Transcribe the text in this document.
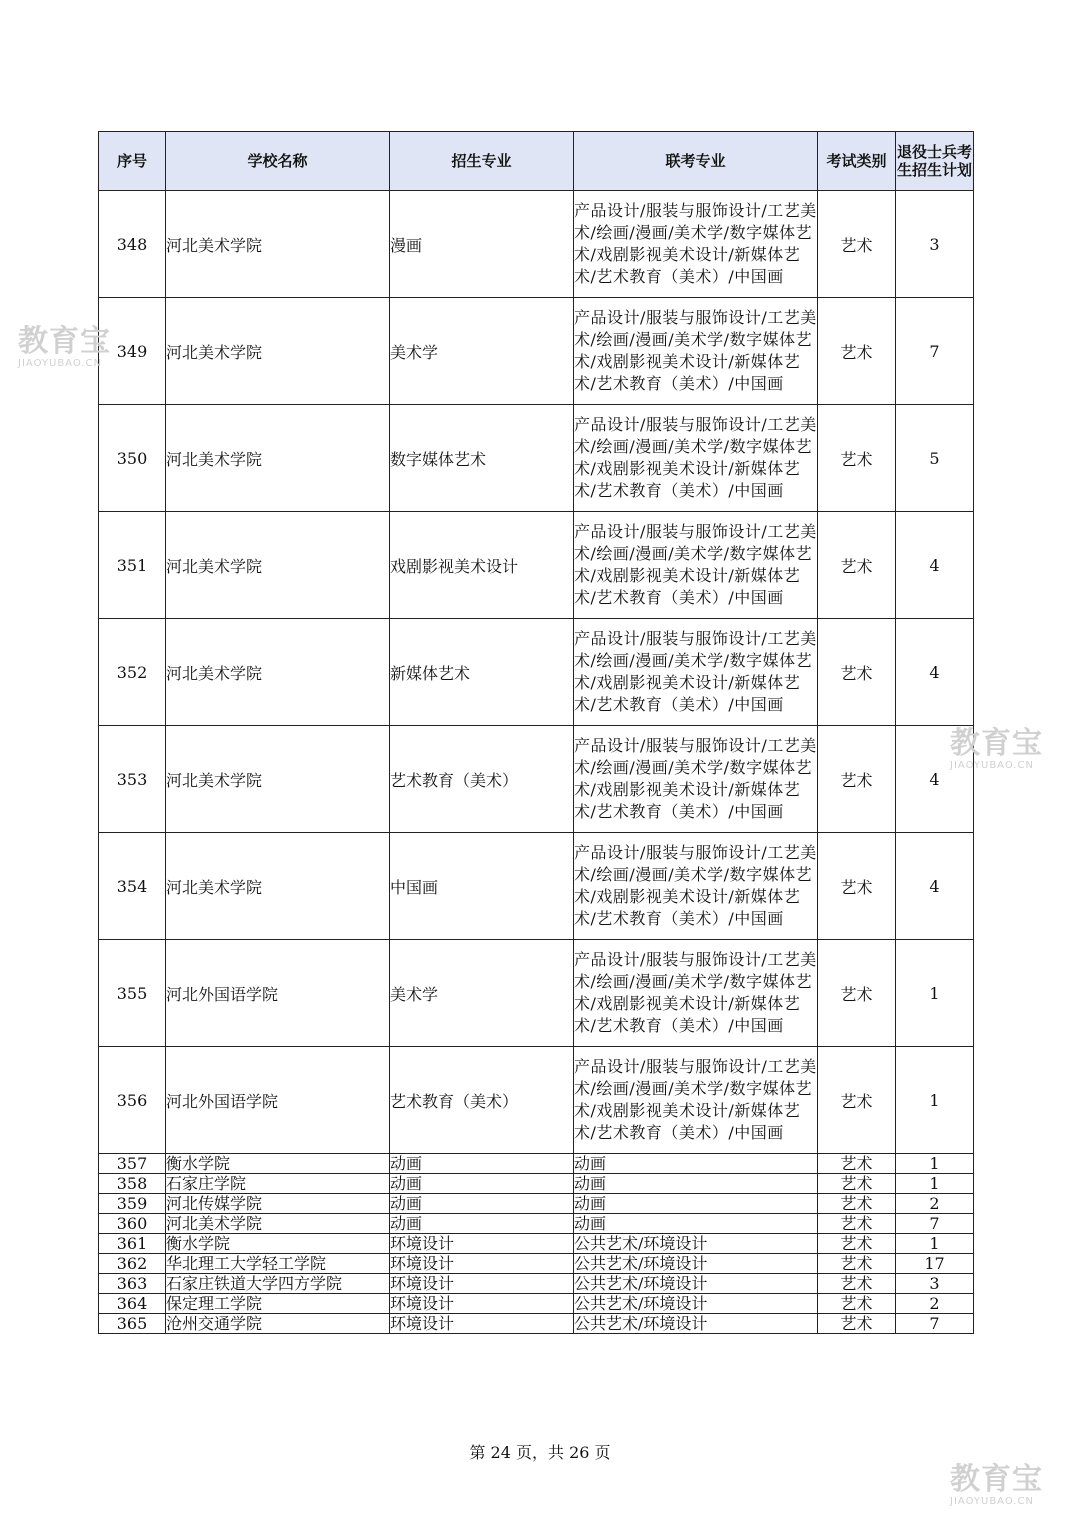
序号	学校名称	招生专业	联考专业	考试类别	退役士兵考生招生计划
348	河北美术学院	漫画	产品设计/服装与服饰设计/工艺美术/绘画/漫画/美术学/数字媒体艺术/戏剧影视美术设计/新媒体艺术/艺术教育（美术）/中国画	艺术	3
349	河北美术学院	美术学	产品设计/服装与服饰设计/工艺美术/绘画/漫画/美术学/数字媒体艺术/戏剧影视美术设计/新媒体艺术/艺术教育（美术）/中国画	艺术	7
350	河北美术学院	数字媒体艺术	产品设计/服装与服饰设计/工艺美术/绘画/漫画/美术学/数字媒体艺术/戏剧影视美术设计/新媒体艺术/艺术教育（美术）/中国画	艺术	5
351	河北美术学院	戏剧影视美术设计	产品设计/服装与服饰设计/工艺美术/绘画/漫画/美术学/数字媒体艺术/戏剧影视美术设计/新媒体艺术/艺术教育（美术）/中国画	艺术	4
352	河北美术学院	新媒体艺术	产品设计/服装与服饰设计/工艺美术/绘画/漫画/美术学/数字媒体艺术/戏剧影视美术设计/新媒体艺术/艺术教育（美术）/中国画	艺术	4
353	河北美术学院	艺术教育（美术）	产品设计/服装与服饰设计/工艺美术/绘画/漫画/美术学/数字媒体艺术/戏剧影视美术设计/新媒体艺术/艺术教育（美术）/中国画	艺术	4
354	河北美术学院	中国画	产品设计/服装与服饰设计/工艺美术/绘画/漫画/美术学/数字媒体艺术/戏剧影视美术设计/新媒体艺术/艺术教育（美术）/中国画	艺术	4
355	河北外国语学院	美术学	产品设计/服装与服饰设计/工艺美术/绘画/漫画/美术学/数字媒体艺术/戏剧影视美术设计/新媒体艺术/艺术教育（美术）/中国画	艺术	1
356	河北外国语学院	艺术教育（美术）	产品设计/服装与服饰设计/工艺美术/绘画/漫画/美术学/数字媒体艺术/戏剧影视美术设计/新媒体艺术/艺术教育（美术）/中国画	艺术	1
357	衡水学院	动画	动画	艺术	1
358	石家庄学院	动画	动画	艺术	1
359	河北传媒学院	动画	动画	艺术	2
360	河北美术学院	动画	动画	艺术	7
361	衡水学院	环境设计	公共艺术/环境设计	艺术	1
362	华北理工大学轻工学院	环境设计	公共艺术/环境设计	艺术	17
363	石家庄铁道大学四方学院	环境设计	公共艺术/环境设计	艺术	3
364	保定理工学院	环境设计	公共艺术/环境设计	艺术	2
365	沧州交通学院	环境设计	公共艺术/环境设计	艺术	7
第 24 页，共 26 页
教育宝
JIAOYUBAO.CN
教育宝
JIAOYUBAO.CN
教育宝
JIAOYUBAO.CN
